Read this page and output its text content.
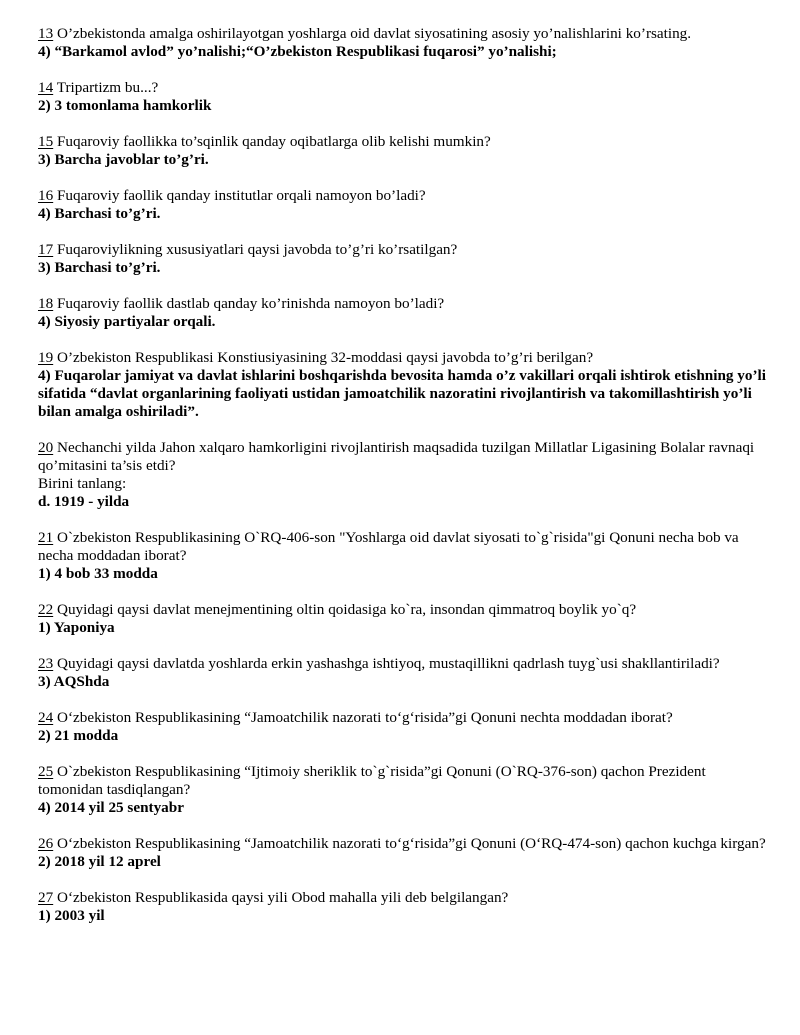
13 O’zbekistonda amalga oshirilayotgan yoshlarga oid davlat siyosatining asosiy yo’nalishlarini ko’rsating.

4) “Barkamol avlod” yo’nalishi;“O’zbekiston Respublikasi fuqarosi” yo’nalishi;

14 Tripartizm bu...?

2) 3 tomonlama hamkorlik

15 Fuqaroviy faollikka to’sqinlik qanday oqibatlarga olib kelishi mumkin?

3) Barcha javoblar to’g’ri.

16 Fuqaroviy faollik qanday institutlar orqali namoyon bo’ladi?

4) Barchasi to’g’ri.

17 Fuqaroviylikning xususiyatlari qaysi javobda to’g’ri ko’rsatilgan?

3) Barchasi to’g’ri.

18 Fuqaroviy faollik dastlab qanday ko’rinishda namoyon bo’ladi?

4) Siyosiy partiyalar orqali.

19 O’zbekiston Respublikasi Konstiusiyasining 32-moddasi qaysi javobda to’g’ri berilgan?

4) Fuqarolar jamiyat va davlat ishlarini boshqarishda bevosita hamda o’z vakillari orqali ishtirok etishning yo’li sifatida “davlat organlarining faoliyati ustidan jamoatchilik nazoratini rivojlantirish va takomillashtirish yo’li bilan amalga oshiriladi”.

20 Nechanchi yilda Jahon xalqaro hamkorligini rivojlantirish maqsadida tuzilgan Millatlar Ligasining Bolalar ravnaqi qo’mitasini ta’sis etdi?

Birini tanlang:

d. 1919 - yilda

21 O`zbekiston Respublikasining O`RQ-406-son "Yoshlarga oid davlat siyosati to`g`risida"gi Qonuni necha bob va necha moddadan iborat?

1) 4 bob 33 modda

22 Quyidagi qaysi davlat menejmentining oltin qoidasiga ko`ra, insondan qimmatroq boylik yo`q?

1) Yaponiya

23 Quyidagi qaysi davlatda yoshlarda erkin yashashga ishtiyoq, mustaqillikni qadrlash tuyg`usi shakllantiriladi?

3) AQShda

24 O‘zbekiston Respublikasining “Jamoatchilik nazorati to‘g‘risida”gi Qonuni nechta moddadan iborat?

2) 21 modda

25 O`zbekiston Respublikasining “Ijtimoiy sheriklik to`g`risida”gi Qonuni (O`RQ-376-son) qachon Prezident tomonidan tasdiqlangan?

4) 2014 yil 25 sentyabr

26 O‘zbekiston Respublikasining “Jamoatchilik nazorati to‘g‘risida”gi Qonuni (O‘RQ-474-son) qachon kuchga kirgan?

2) 2018 yil 12 aprel

27 O‘zbekiston Respublikasida qaysi yili Obod mahalla yili deb belgilangan?

1) 2003 yil
